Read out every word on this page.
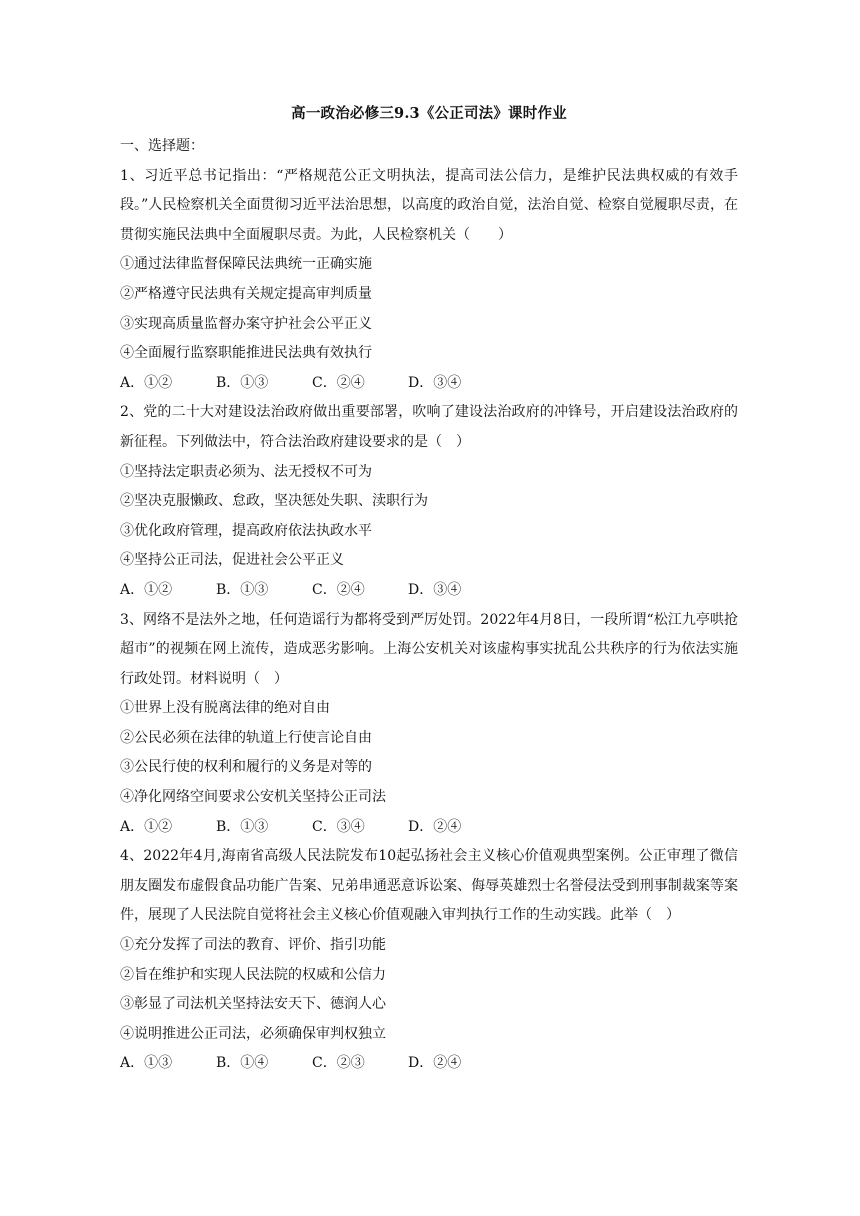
高一政治必修三9.3《公正司法》课时作业
一、选择题：
1、习近平总书记指出：“严格规范公正文明执法，提高司法公信力，是维护民法典权威的有效手段。”人民检察机关全面贯彻习近平法治思想，以高度的政治自觉，法治自觉、检察自觉履职尽责，在贯彻实施民法典中全面履职尽责。为此，人民检察机关（　　）
①通过法律监督保障民法典统一正确实施
②严格遵守民法典有关规定提高审判质量
③实现高质量监督办案守护社会公平正义
④全面履行监察职能推进民法典有效执行
A．①②	B．①③	C．②④	D．③④
2、党的二十大对建设法治政府做出重要部署，吹响了建设法治政府的冲锋号，开启建设法治政府的新征程。下列做法中，符合法治政府建设要求的是（　）
①坚持法定职责必须为、法无授权不可为
②坚决克服懒政、怠政，坚决惩处失职、渎职行为
③优化政府管理，提高政府依法执政水平
④坚持公正司法，促进社会公平正义
A．①②	B．①③	C．②④	D．③④
3、网络不是法外之地，任何造谣行为都将受到严厉处罚。2022年4月8日，一段所谓“松江九亭哄抢超市”的视频在网上流传，造成恶劣影响。上海公安机关对该虚构事实扰乱公共秩序的行为依法实施行政处罚。材料说明（　）
①世界上没有脱离法律的绝对自由
②公民必须在法律的轨道上行使言论自由
③公民行使的权利和履行的义务是对等的
④净化网络空间要求公安机关坚持公正司法
A．①②	B．①③	C．③④	D．②④
4、2022年4月,海南省高级人民法院发布10起弘扬社会主义核心价值观典型案例。公正审理了微信朋友圈发布虚假食品功能广告案、兄弟串通恶意诉讼案、侮辱英雄烈士名誉侵法受到刑事制裁案等案件，展现了人民法院自觉将社会主义核心价值观融入审判执行工作的生动实践。此举（　）
①充分发挥了司法的教育、评价、指引功能
②旨在维护和实现人民法院的权威和公信力
③彰显了司法机关坚持法安天下、德润人心
④说明推进公正司法，必须确保审判权独立
A．①③	B．①④	C．②③	D．②④
